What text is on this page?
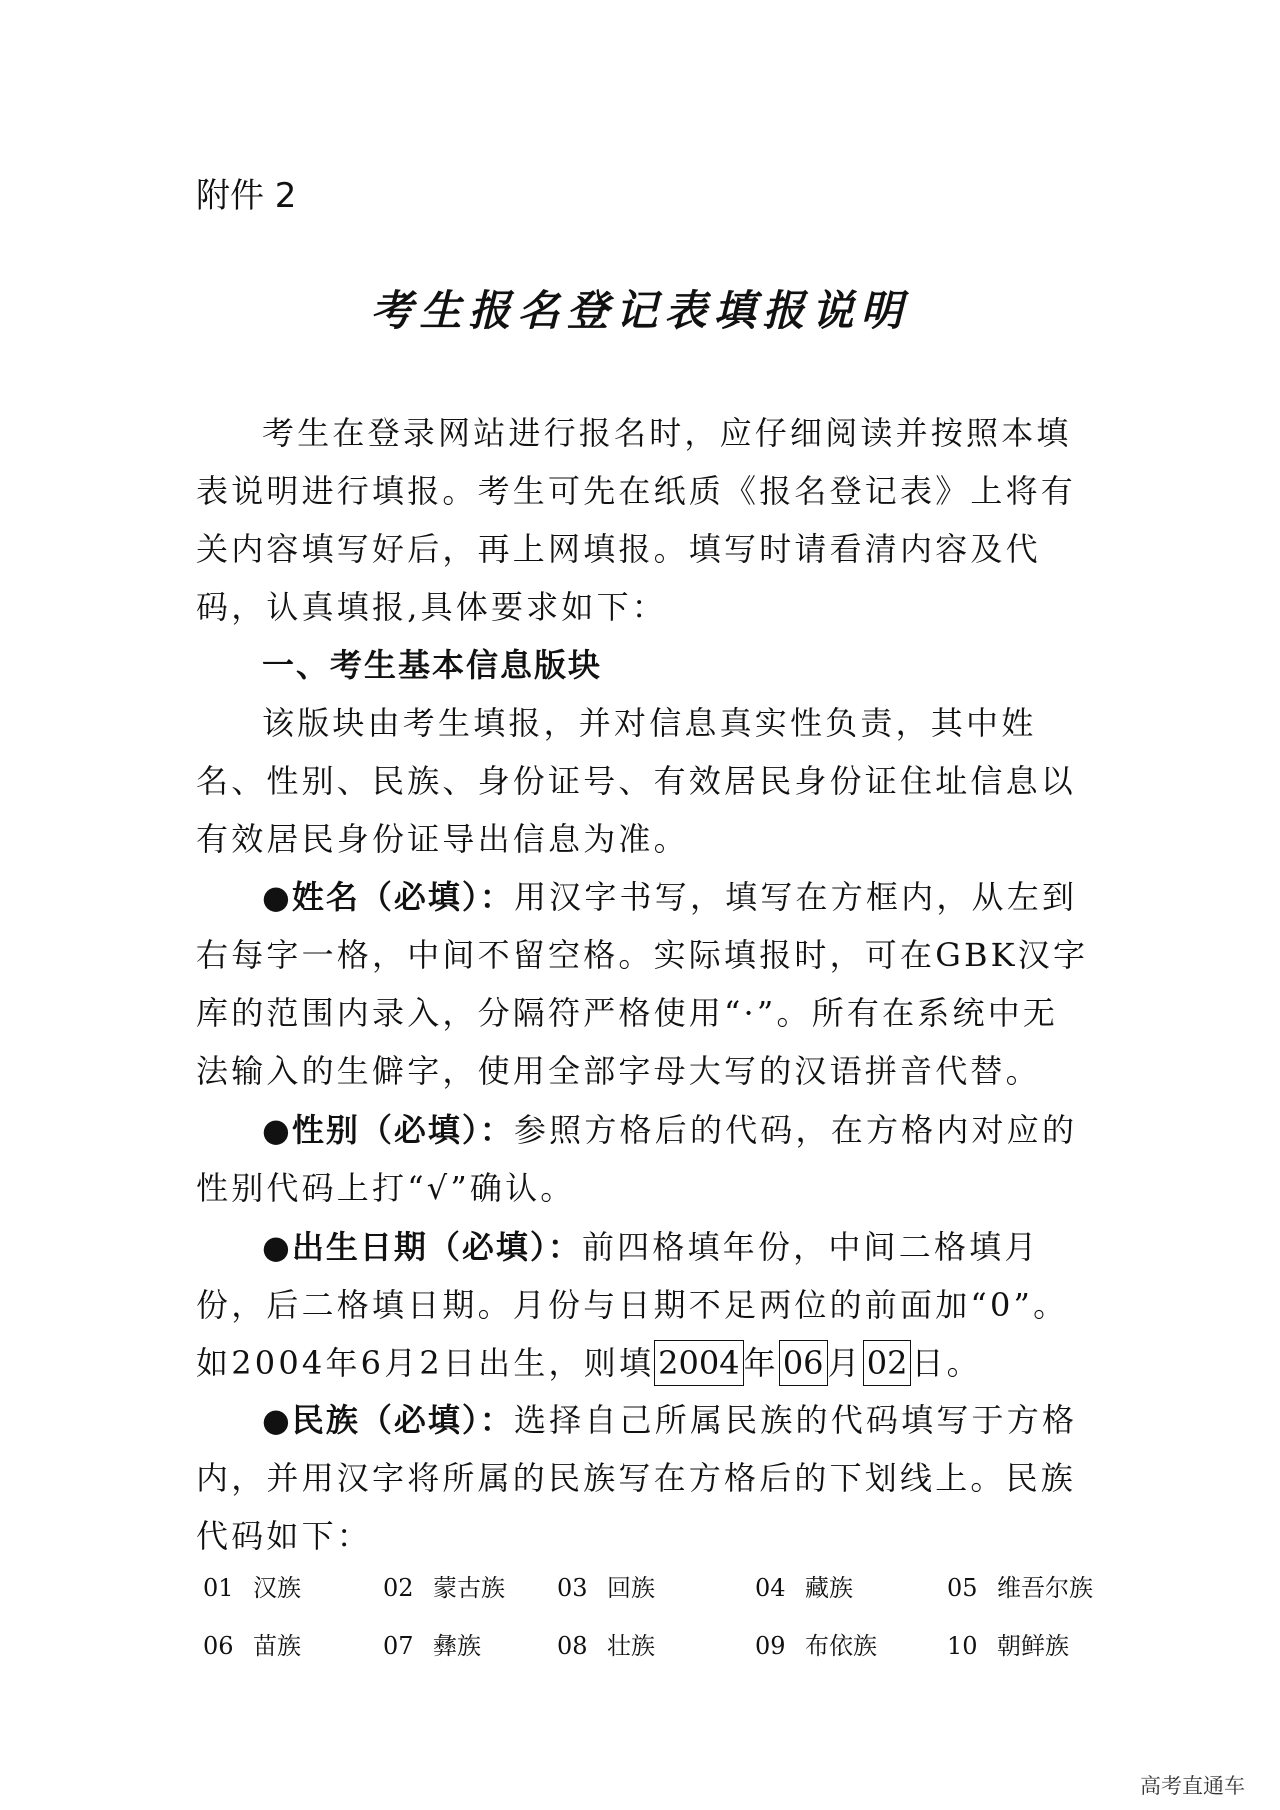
附件 2
考生报名登记表填报说明

考生在登录网站进行报名时，应仔细阅读并按照本填表说明进行填报。考生可先在纸质《报名登记表》上将有关内容填写好后，再上网填报。填写时请看清内容及代码，认真填报,具体要求如下：

一、考生基本信息版块

该版块由考生填报，并对信息真实性负责，其中姓名、性别、民族、身份证号、有效居民身份证住址信息以有效居民身份证导出信息为准。

●姓名（必填）：用汉字书写，填写在方框内，从左到右每字一格，中间不留空格。实际填报时，可在GBK汉字库的范围内录入，分隔符严格使用“·”。所有在系统中无法输入的生僻字，使用全部字母大写的汉语拼音代替。

●性别（必填）：参照方格后的代码，在方格内对应的性别代码上打“√”确认。

●出生日期（必填）：前四格填年份，中间二格填月份，后二格填日期。月份与日期不足两位的前面加“0”。如2004年6月2日出生，则填 2004 年 06 月 02 日。

●民族（必填）：选择自己所属民族的代码填写于方格内，并用汉字将所属的民族写在方格后的下划线上。民族代码如下：

01 汉族	02 蒙古族 03 回族	04 藏族	05 维吾尔族
06 苗族	07 彝族	08 壮族	09 布依族	10 朝鲜族
高考直通车
